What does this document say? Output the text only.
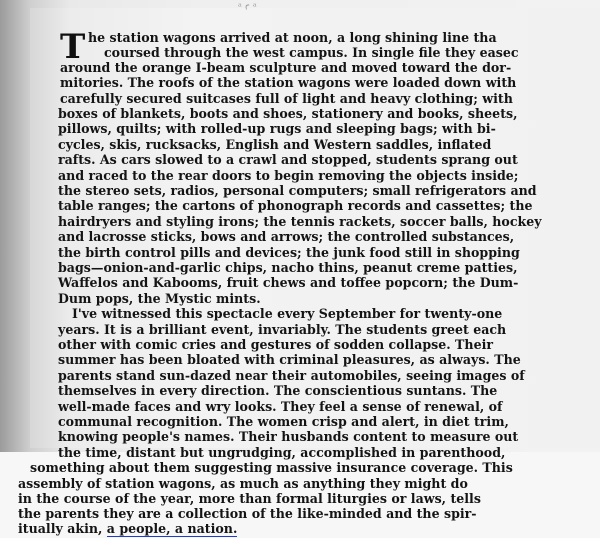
ᵃ ꜥ ᵃ
T he station wagons arrived at noon, a long shining line tha
coursed through the west campus. In single file they easec
around the orange I-beam sculpture and moved toward the dor-
mitories. The roofs of the station wagons were loaded down with
carefully secured suitcases full of light and heavy clothing; with
boxes of blankets, boots and shoes, stationery and books, sheets,
pillows, quilts; with rolled-up rugs and sleeping bags; with bi-
cycles, skis, rucksacks, English and Western saddles, inflated
rafts. As cars slowed to a crawl and stopped, students sprang out
and raced to the rear doors to begin removing the objects inside;
the stereo sets, radios, personal computers; small refrigerators and
table ranges; the cartons of phonograph records and cassettes; the
hairdryers and styling irons; the tennis rackets, soccer balls, hockey
and lacrosse sticks, bows and arrows; the controlled substances,
the birth control pills and devices; the junk food still in shopping
bags—onion-and-garlic chips, nacho thins, peanut creme patties,
Waffelos and Kabooms, fruit chews and toffee popcorn; the Dum-
Dum pops, the Mystic mints.
I've witnessed this spectacle every September for twenty-one
years. It is a brilliant event, invariably. The students greet each
other with comic cries and gestures of sodden collapse. Their
summer has been bloated with criminal pleasures, as always. The
parents stand sun-dazed near their automobiles, seeing images of
themselves in every direction. The conscientious suntans. The
well-made faces and wry looks. They feel a sense of renewal, of
communal recognition. The women crisp and alert, in diet trim,
knowing people's names. Their husbands content to measure out
the time, distant but ungrudging, accomplished in parenthood,
something about them suggesting massive insurance coverage. This
assembly of station wagons, as much as anything they might do
in the course of the year, more than formal liturgies or laws, tells
the parents they are a collection of the like-minded and the spir-
itually akin, a people, a nation.
